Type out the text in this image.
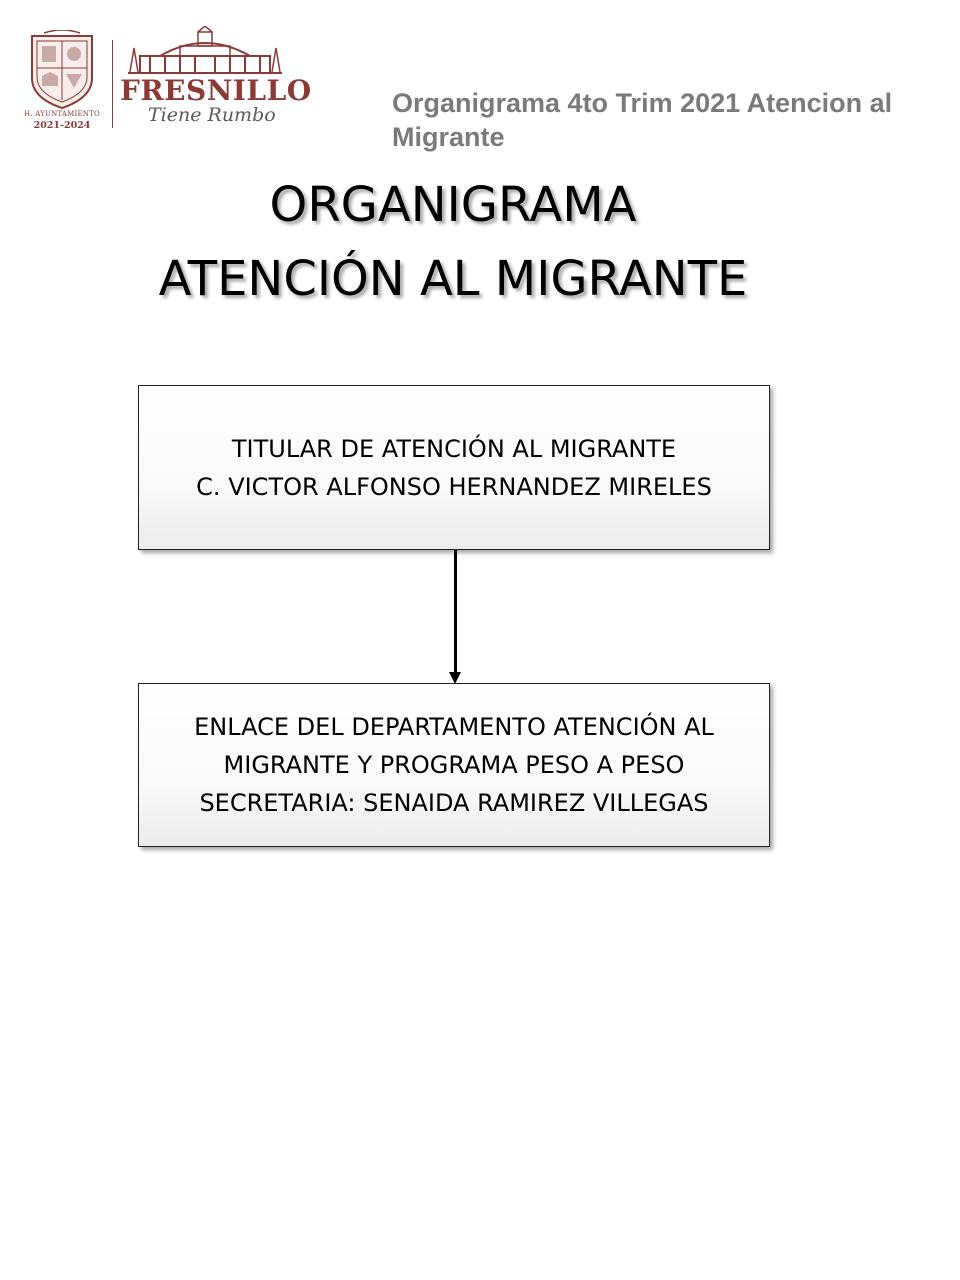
H. AYUNTAMIENTO
2021-2024
FRESNILLO
Tiene Rumbo	Organigrama 4to Trim 2021 Atencion al Migrante
ORGANIGRAMA
ATENCIÓN AL MIGRANTE
TITULAR DE ATENCIÓN AL MIGRANTE
C. VICTOR ALFONSO HERNANDEZ MIRELES
ENLACE DEL DEPARTAMENTO ATENCIÓN AL
MIGRANTE Y PROGRAMA PESO A PESO
SECRETARIA: SENAIDA RAMIREZ VILLEGAS
